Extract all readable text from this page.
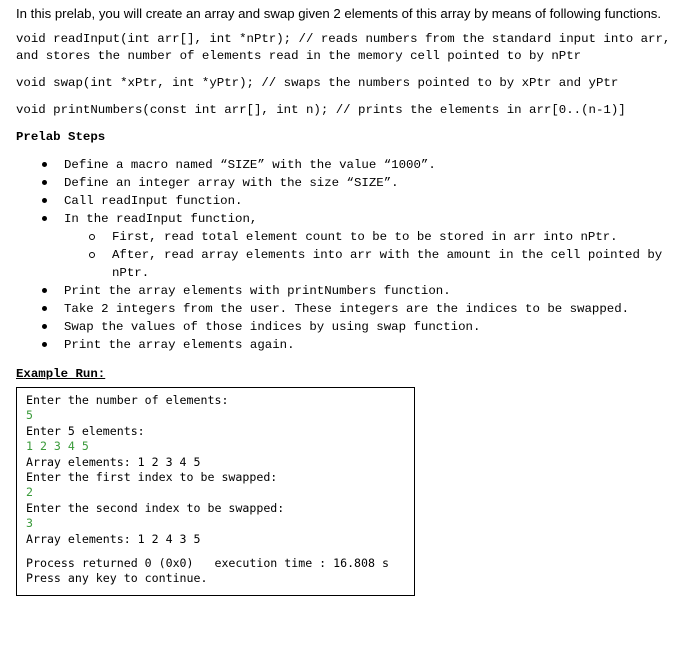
In this prelab, you will create an array and swap given 2 elements of this array by means of following functions.

void readInput(int arr[], int *nPtr); // reads numbers from the standard input into arr, and stores the number of elements read in the memory cell pointed to by nPtr

void swap(int *xPtr, int *yPtr); // swaps the numbers pointed to by xPtr and yPtr

void printNumbers(const int arr[], int n); // prints the elements in arr[0..(n-1)]

Prelab Steps

Define a macro named “SIZE” with the value “1000”.
Define an integer array with the size “SIZE”.
Call readInput function.
In the readInput function,
First, read total element count to be to be stored in arr into nPtr.
After, read array elements into arr with the amount in the cell pointed by nPtr.
Print the array elements with printNumbers function.
Take 2 integers from the user. These integers are the indices to be swapped.
Swap the values of those indices by using swap function.
Print the array elements again.

Example Run:

Enter the number of elements:
5
Enter 5 elements:
1 2 3 4 5
Array elements: 1 2 3 4 5
Enter the first index to be swapped:
2
Enter the second index to be swapped:
3
Array elements: 1 2 4 3 5
Process returned 0 (0x0)   execution time : 16.808 s
Press any key to continue.
